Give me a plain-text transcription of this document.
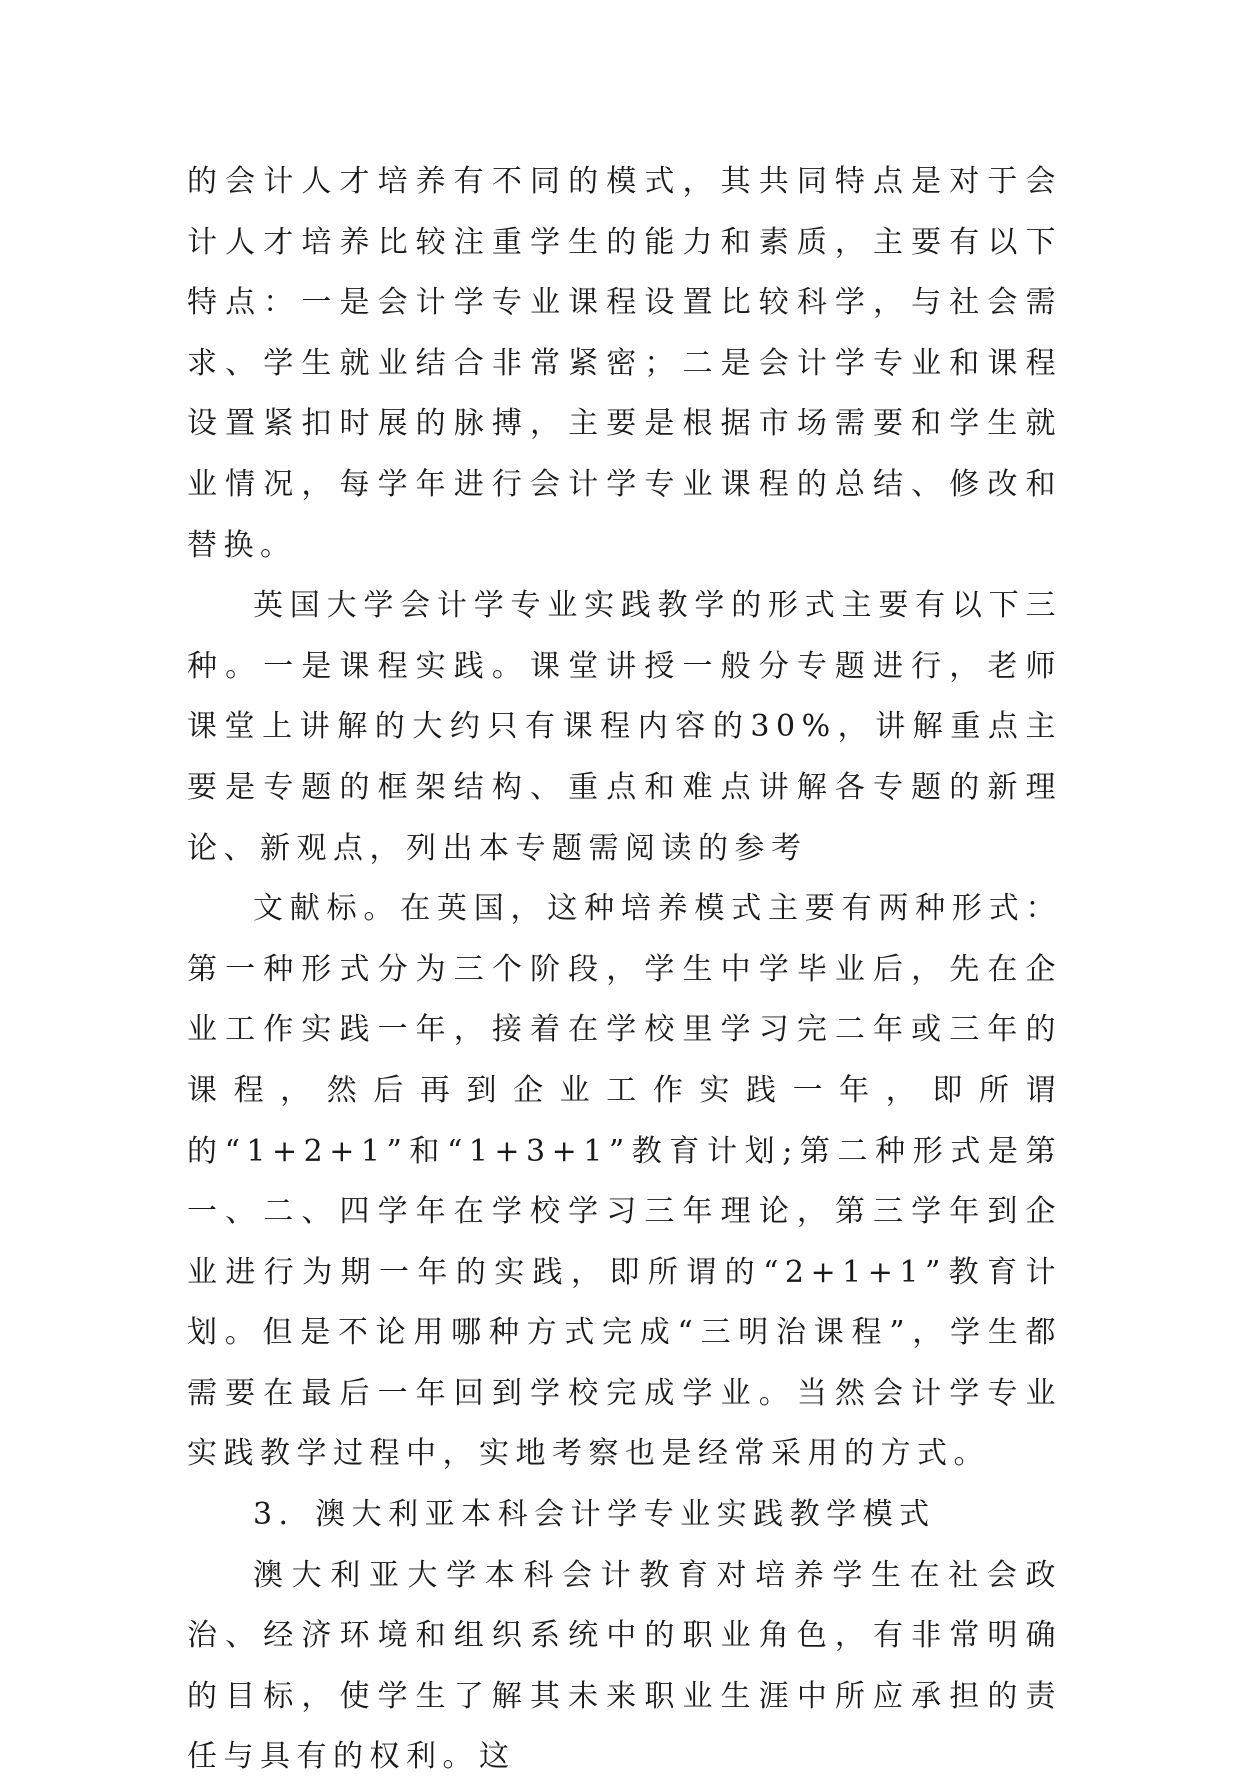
的会计人才培养有不同的模式，其共同特点是对于会计人才培养比较注重学生的能力和素质，主要有以下特点：一是会计学专业课程设置比较科学，与社会需求、学生就业结合非常紧密；二是会计学专业和课程设置紧扣时展的脉搏，主要是根据市场需要和学生就业情况，每学年进行会计学专业课程的总结、修改和替换。

英国大学会计学专业实践教学的形式主要有以下三种。一是课程实践。课堂讲授一般分专题进行，老师课堂上讲解的大约只有课程内容的30%，讲解重点主要是专题的框架结构、重点和难点讲解各专题的新理论、新观点，列出本专题需阅读的参考

文献标。在英国，这种培养模式主要有两种形式：第一种形式分为三个阶段，学生中学毕业后，先在企业工作实践一年，接着在学校里学习完二年或三年的课程，然后再到企业工作实践一年，即所谓的“1+2+1”和“1+3+1”教育计划;第二种形式是第一、二、四学年在学校学习三年理论，第三学年到企业进行为期一年的实践，即所谓的“2+1+1”教育计划。但是不论用哪种方式完成“三明治课程”，学生都需要在最后一年回到学校完成学业。当然会计学专业实践教学过程中，实地考察也是经常采用的方式。

3．澳大利亚本科会计学专业实践教学模式

澳大利亚大学本科会计教育对培养学生在社会政治、经济环境和组织系统中的职业角色，有非常明确的目标，使学生了解其未来职业生涯中所应承担的责任与具有的权利。这
